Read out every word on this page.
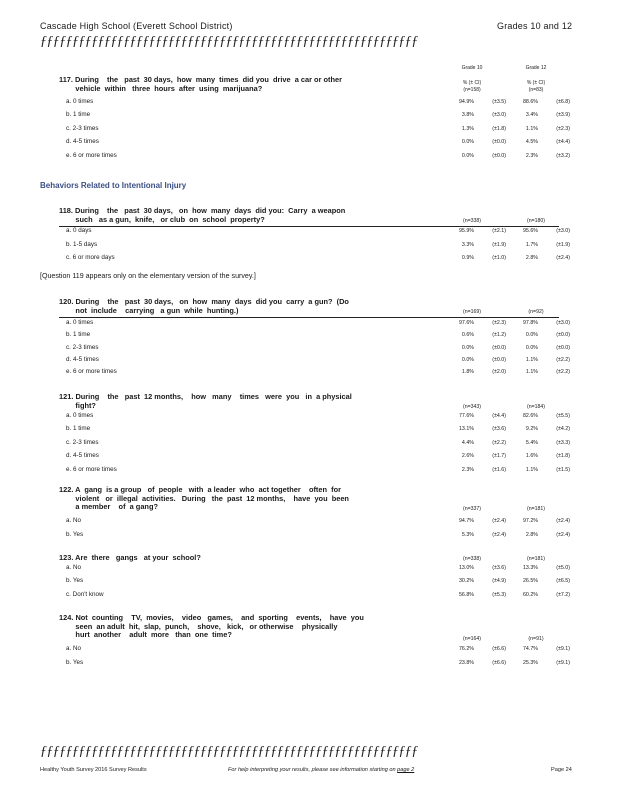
Cascade High School (Everett School District)	Grades 10 and 12
ƒƒƒƒƒƒƒƒƒƒƒƒƒƒƒƒƒƒƒƒƒƒƒƒƒƒƒƒƒƒƒƒƒƒƒƒƒƒƒƒƒƒƒƒƒƒƒƒƒƒƒƒƒƒƒƒƒƒƒ
Grade 10	Grade 12
% (± CI)	% (± CI)
(n=158)	(n=83)
117. During    the   past  30 days,  how  many  times  did you  drive  a car or other
vehicle  within   three  hours  after  using  marijuana?
a. 0 times	94.9%	(±3.5)	88.6%	(±6.8)
b. 1 time	3.8%	(±3.0)	3.4%	(±3.9)
c. 2-3 times	1.3%	(±1.8)	1.1%	(±2.3)
d. 4-5 times	0.0%	(±0.0)	4.5%	(±4.4)
e. 6 or more times	0.0%	(±0.0)	2.3%	(±3.2)
Behaviors Related to Intentional Injury
118. During    the   past  30 days,   on  how  many  days  did you:  Carry  a weapon
such   as a gun,  knife,   or club  on  school  property?	(n=338)	(n=180)
a. 0 days	95.9%	(±2.1)	95.6%	(±3.0)
b. 1-5 days	3.3%	(±1.9)	1.7%	(±1.9)
c. 6 or more days	0.9%	(±1.0)	2.8%	(±2.4)
[Question 119 appears only on the elementary version of the survey.]
120. During    the   past  30 days,   on  how  many  days  did you  carry  a gun?  (Do
not  include    carrying   a gun  while  hunting.)	(n=169)	(n=92)
a. 0 times	97.6%	(±2.3)	97.8%	(±3.0)
b. 1 time	0.6%	(±1.2)	0.0%	(±0.0)
c. 2-3 times	0.0%	(±0.0)	0.0%	(±0.0)
d. 4-5 times	0.0%	(±0.0)	1.1%	(±2.2)
e. 6 or more times	1.8%	(±2.0)	1.1%	(±2.2)
121. During    the   past  12 months,    how   many    times   were  you   in  a physical
fight?	(n=343)	(n=184)
a. 0 times	77.6%	(±4.4)	82.6%	(±5.5)
b. 1 time	13.1%	(±3.6)	9.2%	(±4.2)
c. 2-3 times	4.4%	(±2.2)	5.4%	(±3.3)
d. 4-5 times	2.6%	(±1.7)	1.6%	(±1.8)
e. 6 or more times	2.3%	(±1.6)	1.1%	(±1.5)
122. A  gang  is a group   of  people   with  a leader  who  act together    often  for
violent   or  illegal  activities.   During   the  past  12 months,    have  you  been
a member    of  a gang?	(n=337)	(n=181)
a. No	94.7%	(±2.4)	97.2%	(±2.4)
b. Yes	5.3%	(±2.4)	2.8%	(±2.4)
123. Are  there   gangs   at your  school?	(n=338)	(n=181)
a. No	13.0%	(±3.6)	13.3%	(±5.0)
b. Yes	30.2%	(±4.9)	26.5%	(±6.5)
c. Don't know	56.8%	(±5.3)	60.2%	(±7.2)
124. Not  counting    TV,  movies,    video   games,    and  sporting    events,    have  you
seen  an adult  hit,  slap,  punch,    shove,   kick,   or otherwise    physically
hurt  another    adult  more   than  one  time?	(n=164)	(n=91)
a. No	76.2%	(±6.6)	74.7%	(±9.1)
b. Yes	23.8%	(±6.6)	25.3%	(±9.1)
ƒƒƒƒƒƒƒƒƒƒƒƒƒƒƒƒƒƒƒƒƒƒƒƒƒƒƒƒƒƒƒƒƒƒƒƒƒƒƒƒƒƒƒƒƒƒƒƒƒƒƒƒƒƒƒƒƒƒƒ
Healthy Youth Survey 2016 Survey Results	For help interpreting your results, please see information starting on page 2	Page 24
